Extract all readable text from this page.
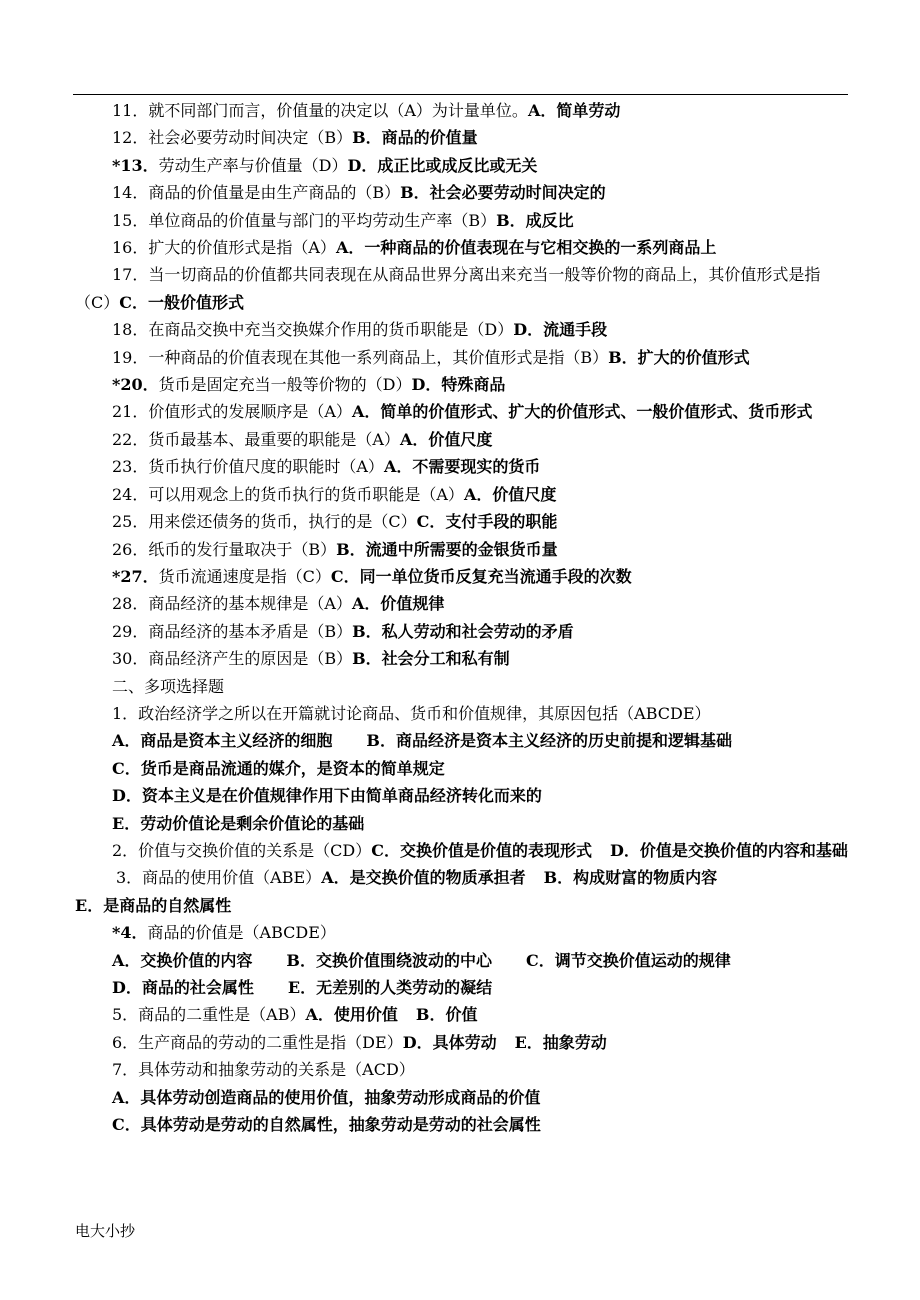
11．就不同部门而言，价值量的决定以（A）为计量单位。A．简单劳动
12．社会必要劳动时间决定（B）B．商品的价值量
*13．劳动生产率与价值量（D）D．成正比或成反比或无关
14．商品的价值量是由生产商品的（B）B．社会必要劳动时间决定的
15．单位商品的价值量与部门的平均劳动生产率（B）B．成反比
16．扩大的价值形式是指（A）A．一种商品的价值表现在与它相交换的一系列商品上
17．当一切商品的价值都共同表现在从商品世界分离出来充当一般等价物的商品上，其价值形式是指（C）C．一般价值形式
18．在商品交换中充当交换媒介作用的货币职能是（D）D．流通手段
19．一种商品的价值表现在其他一系列商品上，其价值形式是指（B）B．扩大的价值形式
*20．货币是固定充当一般等价物的（D）D．特殊商品
21．价值形式的发展顺序是（A）A．简单的价值形式、扩大的价值形式、一般价值形式、货币形式
22．货币最基本、最重要的职能是（A）A．价值尺度
23．货币执行价值尺度的职能时（A）A．不需要现实的货币
24．可以用观念上的货币执行的货币职能是（A）A．价值尺度
25．用来偿还债务的货币，执行的是（C）C．支付手段的职能
26．纸币的发行量取决于（B）B．流通中所需要的金银货币量
*27．货币流通速度是指（C）C．同一单位货币反复充当流通手段的次数
28．商品经济的基本规律是（A）A．价值规律
29．商品经济的基本矛盾是（B）B．私人劳动和社会劳动的矛盾
30．商品经济产生的原因是（B）B．社会分工和私有制
二、多项选择题
1．政治经济学之所以在开篇就讨论商品、货币和价值规律，其原因包括（ABCDE）
A．商品是资本主义经济的细胞 B．商品经济是资本主义经济的历史前提和逻辑基础
C．货币是商品流通的媒介，是资本的简单规定
D．资本主义是在价值规律作用下由简单商品经济转化而来的
E．劳动价值论是剩余价值论的基础
2．价值与交换价值的关系是（CD）C．交换价值是价值的表现形式 D．价值是交换价值的内容和基础
3．商品的使用价值（ABE）A．是交换价值的物质承担者 B．构成财富的物质内容
E．是商品的自然属性
*4．商品的价值是（ABCDE）
A．交换价值的内容 B．交换价值围绕波动的中心 C．调节交换价值运动的规律
D．商品的社会属性 E．无差别的人类劳动的凝结
5．商品的二重性是（AB）A．使用价值 B．价值
6．生产商品的劳动的二重性是指（DE）D．具体劳动 E．抽象劳动
7．具体劳动和抽象劳动的关系是（ACD）
A．具体劳动创造商品的使用价值，抽象劳动形成商品的价值
C．具体劳动是劳动的自然属性，抽象劳动是劳动的社会属性
电大小抄
